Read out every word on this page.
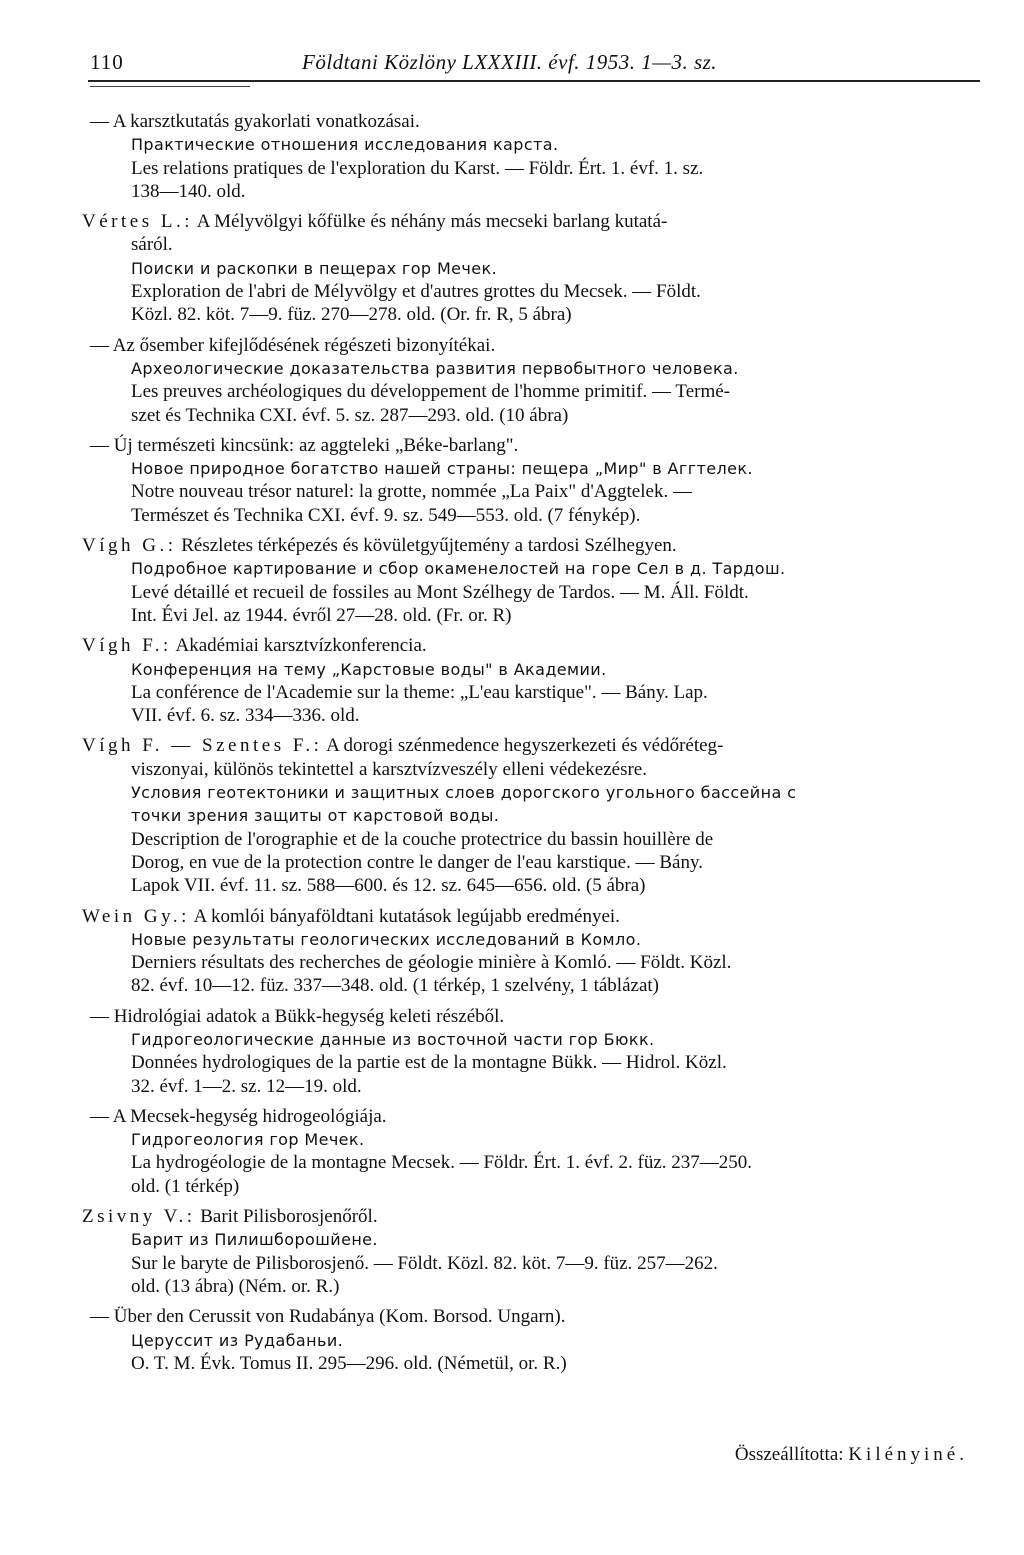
110	Földtani Közlöny LXXXIII. évf. 1953. 1—3. sz.
— A karsztkutatás gyakorlati vonatkozásai.
Практические отношения исследования карста.
Les relations pratiques de l'exploration du Karst. — Földr. Ért. 1. évf. 1. sz.
138—140. old.
Vértes L.: A Mélyvölgyi kőfülke és néhány más mecseki barlang kutatá-
sáról.
Поиски и раскопки в пещерах гор Мечек.
Exploration de l'abri de Mélyvölgy et d'autres grottes du Mecsek. — Földt.
Közl. 82. köt. 7—9. füz. 270—278. old. (Or. fr. R, 5 ábra)
— Az ősember kifejlődésének régészeti bizonyítékai.
Археологические доказательства развития первобытного человека.
Les preuves archéologiques du développement de l'homme primitif. — Termé-
szet és Technika CXI. évf. 5. sz. 287—293. old. (10 ábra)
— Új természeti kincsünk: az aggteleki „Béke-barlang".
Новое природное богатство нашей страны: пещера „Мир" в Аггтелек.
Notre nouveau trésor naturel: la grotte, nommée „La Paix" d'Aggtelek. —
Természet és Technika CXI. évf. 9. sz. 549—553. old. (7 fénykép).
Vígh G.: Részletes térképezés és kövületgyűjtemény a tardosi Szélhegyen.
Подробное картирование и сбор окаменелостей на горе Сел в д. Тардош.
Levé détaillé et recueil de fossiles au Mont Szélhegy de Tardos. — M. Áll. Földt.
Int. Évi Jel. az 1944. évről 27—28. old. (Fr. or. R)
Vígh F.: Akadémiai karsztvízkonferencia.
Конференция на тему „Карстовые воды" в Академии.
La conférence de l'Academie sur la theme: „L'eau karstique". — Bány. Lap.
VII. évf. 6. sz. 334—336. old.
Vígh F. — Szentes F.: A dorogi szénmedence hegyszerkezeti és védőréteg-
viszonyai, különös tekintettel a karsztvízveszély elleni védekezésre.
Условия геотектоники и защитных слоев дорогского угольного бассейна с
точки зрения защиты от карстовой воды.
Description de l'orographie et de la couche protectrice du bassin houillère de
Dorog, en vue de la protection contre le danger de l'eau karstique. — Bány.
Lapok VII. évf. 11. sz. 588—600. és 12. sz. 645—656. old. (5 ábra)
Wein Gy.: A komlói bányaföldtani kutatások legújabb eredményei.
Новые результаты геологических исследований в Комло.
Derniers résultats des recherches de géologie minière à Komló. — Földt. Közl.
82. évf. 10—12. füz. 337—348. old. (1 térkép, 1 szelvény, 1 táblázat)
— Hidrológiai adatok a Bükk-hegység keleti részéből.
Гидрогеологические данные из восточной части гор Бюкк.
Données hydrologiques de la partie est de la montagne Bükk. — Hidrol. Közl.
32. évf. 1—2. sz. 12—19. old.
— A Mecsek-hegység hidrogeológiája.
Гидрогеология гор Мечек.
La hydrogéologie de la montagne Mecsek. — Földr. Ért. 1. évf. 2. füz. 237—250.
old. (1 térkép)
Zsivny V.: Barit Pilisborosjenőről.
Барит из Пилишборошйене.
Sur le baryte de Pilisborosjenő. — Földt. Közl. 82. köt. 7—9. füz. 257—262.
old. (13 ábra) (Ném. or. R.)
— Über den Cerussit von Rudabánya (Kom. Borsod. Ungarn).
Церуссит из Рудабаньи.
O. T. M. Évk. Tomus II. 295—296. old. (Németül, or. R.)
Összeállította: Kilényiné.
